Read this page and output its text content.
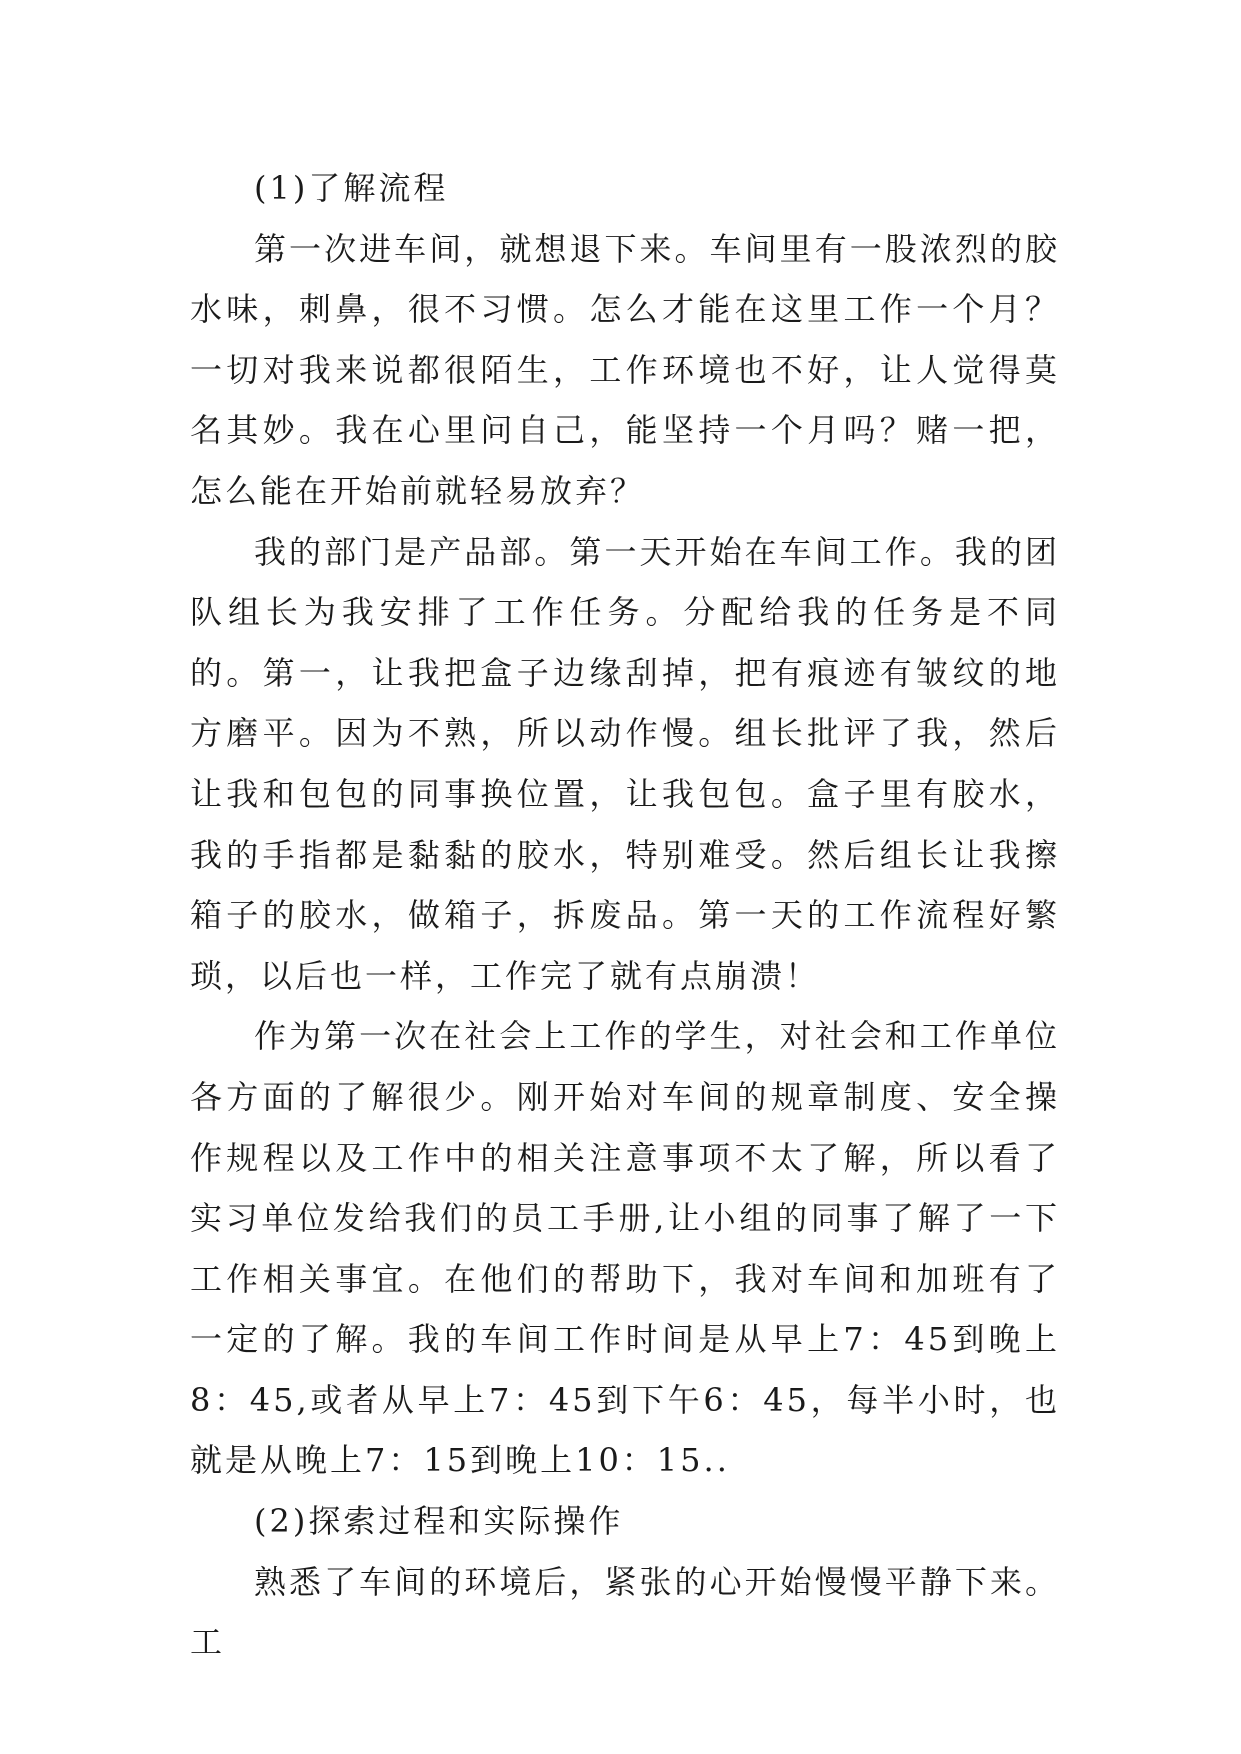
(1)了解流程

第一次进车间，就想退下来。车间里有一股浓烈的胶水味，刺鼻，很不习惯。怎么才能在这里工作一个月？一切对我来说都很陌生，工作环境也不好，让人觉得莫名其妙。我在心里问自己，能坚持一个月吗？赌一把，怎么能在开始前就轻易放弃？

我的部门是产品部。第一天开始在车间工作。我的团队组长为我安排了工作任务。分配给我的任务是不同的。第一，让我把盒子边缘刮掉，把有痕迹有皱纹的地方磨平。因为不熟，所以动作慢。组长批评了我，然后让我和包包的同事换位置，让我包包。盒子里有胶水，我的手指都是黏黏的胶水，特别难受。然后组长让我擦箱子的胶水，做箱子，拆废品。第一天的工作流程好繁琐，以后也一样，工作完了就有点崩溃！

作为第一次在社会上工作的学生，对社会和工作单位各方面的了解很少。刚开始对车间的规章制度、安全操作规程以及工作中的相关注意事项不太了解，所以看了实习单位发给我们的员工手册,让小组的同事了解了一下工作相关事宜。在他们的帮助下，我对车间和加班有了一定的了解。我的车间工作时间是从早上7：45到晚上8：45,或者从早上7：45到下午6：45，每半小时，也就是从晚上7：15到晚上10：15..

(2)探索过程和实际操作

熟悉了车间的环境后，紧张的心开始慢慢平静下来。工
